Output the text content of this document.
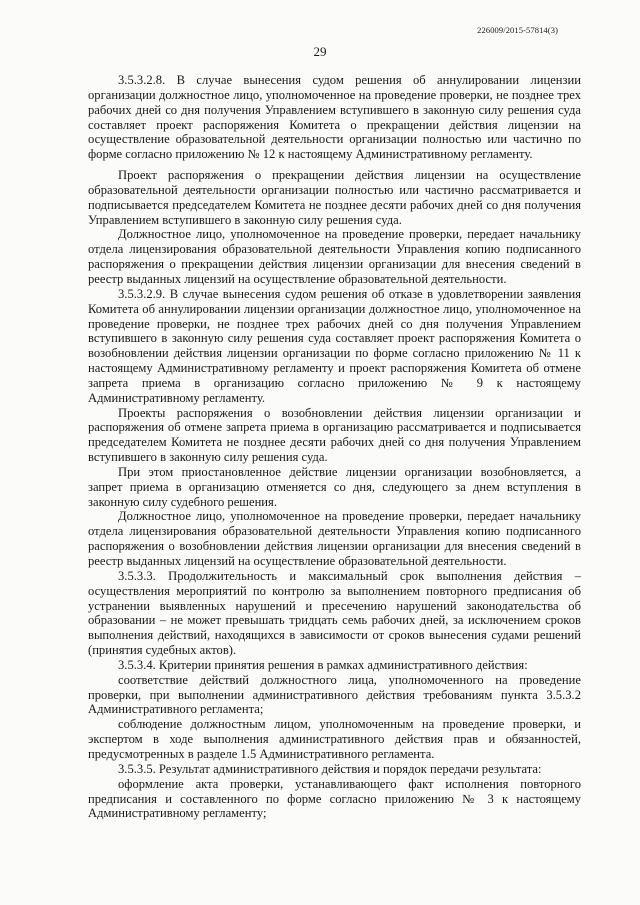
226009/2015-57814(3)
29

3.5.3.2.8. В случае вынесения судом решения об аннулировании лицензии организации должностное лицо, уполномоченное на проведение проверки, не позднее трех рабочих дней со дня получения Управлением вступившего в законную силу решения суда составляет проект распоряжения Комитета о прекращении действия лицензии на осуществление образовательной деятельности организации полностью или частично по форме согласно приложению № 12 к настоящему Административному регламенту.

Проект распоряжения о прекращении действия лицензии на осуществление образовательной деятельности организации полностью или частично рассматривается и подписывается председателем Комитета не позднее десяти рабочих дней со дня получения Управлением вступившего в законную силу решения суда.

Должностное лицо, уполномоченное на проведение проверки, передает начальнику отдела лицензирования образовательной деятельности Управления копию подписанного распоряжения о прекращении действия лицензии организации для внесения сведений в реестр выданных лицензий на осуществление образовательной деятельности.

3.5.3.2.9. В случае вынесения судом решения об отказе в удовлетворении заявления Комитета об аннулировании лицензии организации должностное лицо, уполномоченное на проведение проверки, не позднее трех рабочих дней со дня получения Управлением вступившего в законную силу решения суда составляет проект распоряжения Комитета о возобновлении действия лицензии организации по форме согласно приложению № 11 к настоящему Административному регламенту и проект распоряжения Комитета об отмене запрета приема в организацию согласно приложению № 9 к настоящему Административному регламенту.

Проекты распоряжения о возобновлении действия лицензии организации и распоряжения об отмене запрета приема в организацию рассматривается и подписывается председателем Комитета не позднее десяти рабочих дней со дня получения Управлением вступившего в законную силу решения суда.

При этом приостановленное действие лицензии организации возобновляется, а запрет приема в организацию отменяется со дня, следующего за днем вступления в законную силу судебного решения.

Должностное лицо, уполномоченное на проведение проверки, передает начальнику отдела лицензирования образовательной деятельности Управления копию подписанного распоряжения о возобновлении действия лицензии организации для внесения сведений в реестр выданных лицензий на осуществление образовательной деятельности.

3.5.3.3. Продолжительность и максимальный срок выполнения действия – осуществления мероприятий по контролю за выполнением повторного предписания об устранении выявленных нарушений и пресечению нарушений законодательства об образовании – не может превышать тридцать семь рабочих дней, за исключением сроков выполнения действий, находящихся в зависимости от сроков вынесения судами решений (принятия судебных актов).

3.5.3.4. Критерии принятия решения в рамках административного действия:

соответствие действий должностного лица, уполномоченного на проведение проверки, при выполнении административного действия требованиям пункта 3.5.3.2 Административного регламента;

соблюдение должностным лицом, уполномоченным на проведение проверки, и экспертом в ходе выполнения административного действия прав и обязанностей, предусмотренных в разделе 1.5 Административного регламента.

3.5.3.5. Результат административного действия и порядок передачи результата:

оформление акта проверки, устанавливающего факт исполнения повторного предписания и составленного по форме согласно приложению № 3 к настоящему Административному регламенту;
